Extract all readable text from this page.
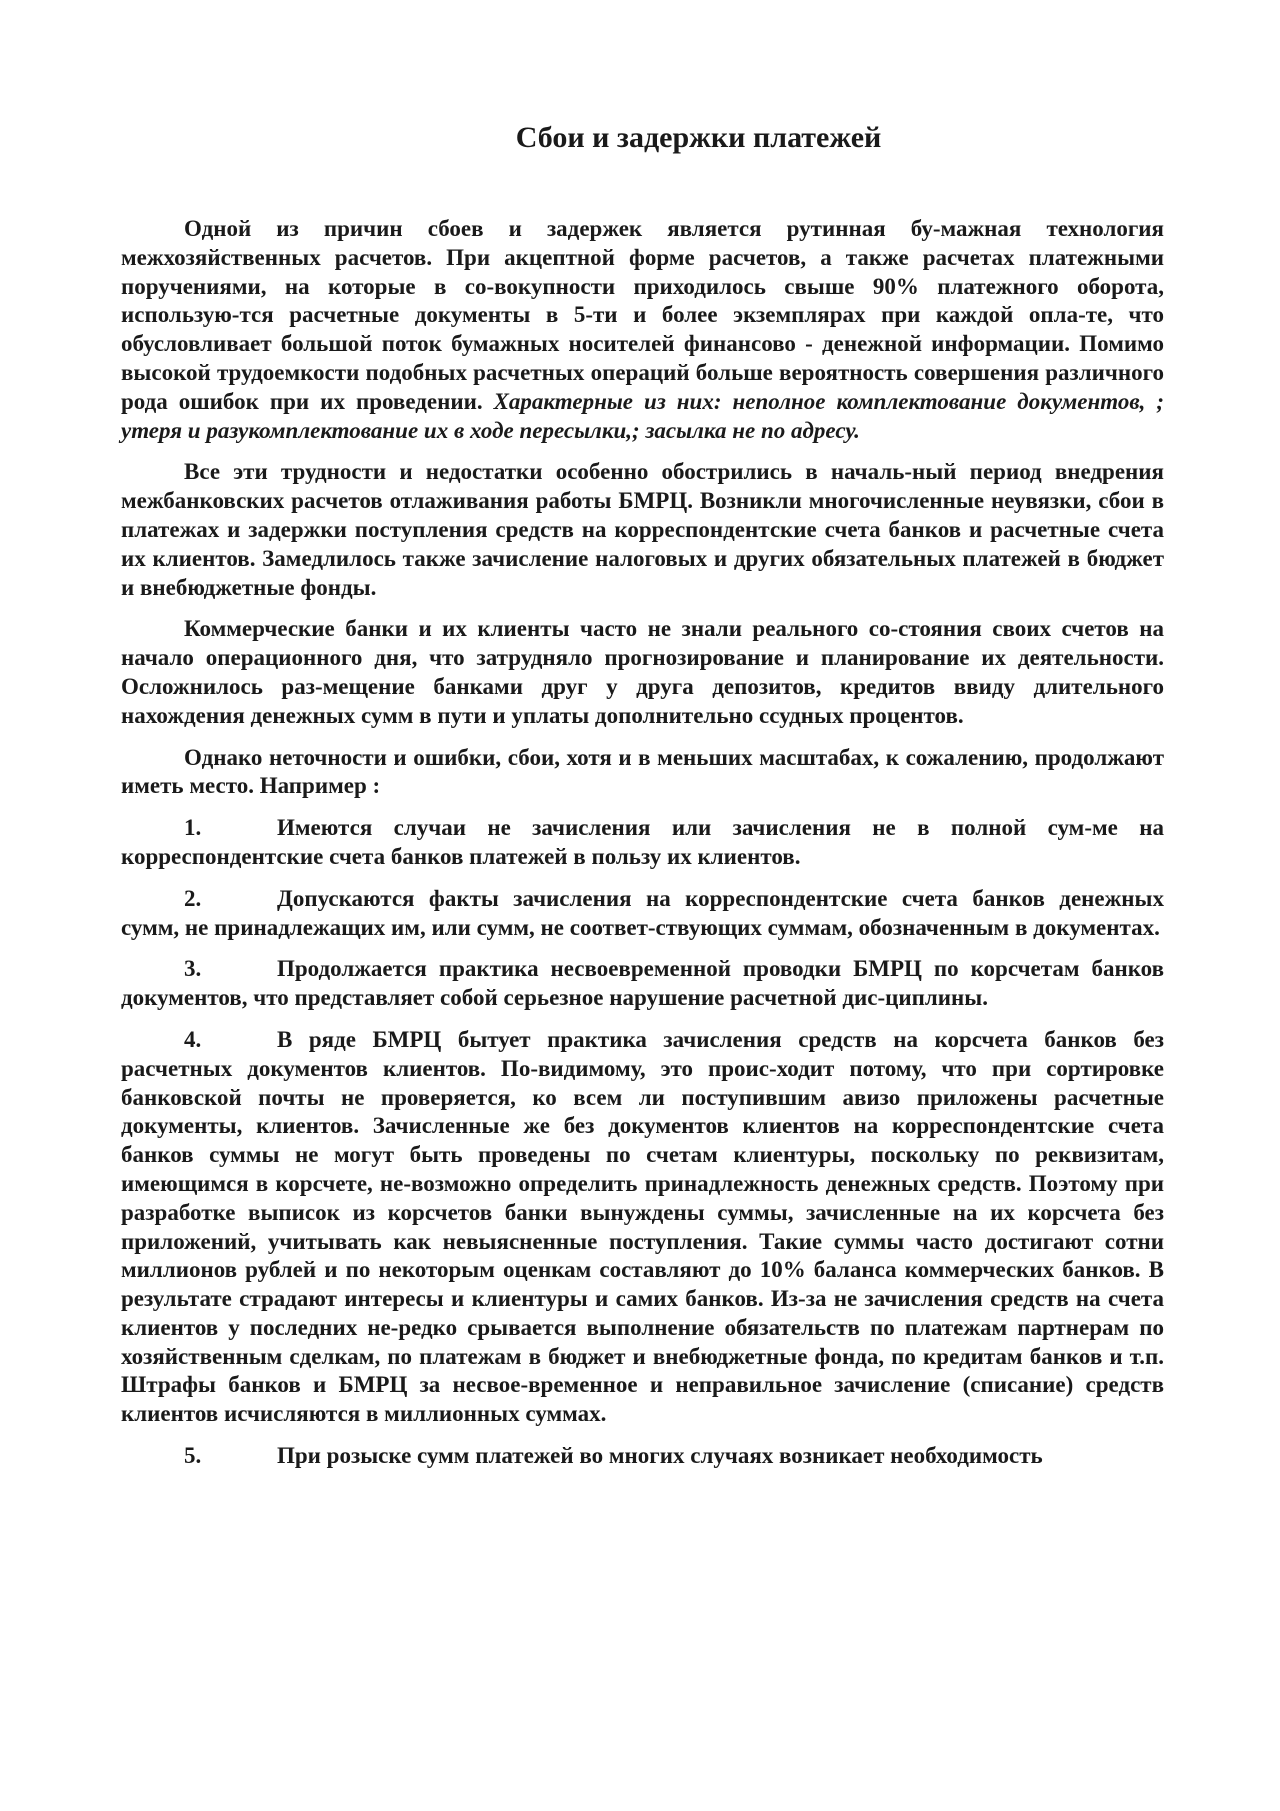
Сбои и задержки платежей

Одной из причин сбоев и задержек является рутинная бу-мажная технология межхозяйственных расчетов. При акцептной форме расчетов, а также расчетах платежными поручениями, на которые в со-вокупности приходилось свыше 90% платежного оборота, использую-тся расчетные документы в 5-ти и более экземплярах при каждой опла-те, что обусловливает большой поток бумажных носителей финансово - денежной информации. Помимо высокой трудоемкости подобных расчетных операций больше вероятность совершения различного рода ошибок при их проведении. Характерные из них: неполное комплектование документов, ; утеря и разукомплектование их в ходе пересылки,; засылка не по адресу.

Все эти трудности и недостатки особенно обострились в началь-ный период внедрения межбанковских расчетов отлаживания работы БМРЦ. Возникли многочисленные неувязки, сбои в платежах и задержки поступления средств на корреспондентские счета банков и расчетные счета их клиентов. Замедлилось также зачисление налоговых и других обязательных платежей в бюджет и внебюджетные фонды.

Коммерческие банки и их клиенты часто не знали реального со-стояния своих счетов на начало операционного дня, что затрудняло прогнозирование и планирование их деятельности. Осложнилось раз-мещение банками друг у друга депозитов, кредитов ввиду длительного нахождения денежных сумм в пути и уплаты дополнительно ссудных процентов.

Однако неточности и ошибки, сбои, хотя и в меньших масштабах, к сожалению, продолжают иметь место. Например :

1.	Имеются случаи не зачисления или зачисления не в полной сум-ме на корреспондентские счета банков платежей в пользу их клиентов.

2.	Допускаются факты зачисления на корреспондентские счета банков денежных сумм, не принадлежащих им, или сумм, не соответ-ствующих суммам, обозначенным в документах.

3.	Продолжается практика несвоевременной проводки БМРЦ по корсчетам банков документов, что представляет собой серьезное нарушение расчетной дис-циплины.

4.	В ряде БМРЦ бытует практика зачисления средств на корсчета банков без расчетных документов клиентов. По-видимому, это проис-ходит потому, что при сортировке банковской почты не проверяется, ко всем ли поступившим авизо приложены расчетные документы, клиентов. Зачисленные же без документов клиентов на корреспондентские счета банков суммы не могут быть проведены по счетам клиентуры, поскольку по реквизитам, имеющимся в корсчете, не-возможно определить принадлежность денежных средств. Поэтому при разработке выписок из корсчетов банки вынуждены суммы, зачисленные на их корсчета без приложений, учитывать как невыясненные поступления. Такие суммы часто достигают сотни миллионов рублей и по некоторым оценкам составляют до 10% баланса коммерческих банков. В результате страдают интересы и клиентуры и самих банков. Из-за не зачисления средств на счета клиентов у последних не-редко срывается выполнение обязательств по платежам партнерам по хозяйственным сделкам, по платежам в бюджет и внебюджетные фонда, по кредитам банков и т.п. Штрафы банков и БМРЦ за несвое-временное и неправильное зачисление (списание) средств клиентов исчисляются в миллионных суммах.

5.	При розыске сумм платежей во многих случаях возникает необходимость
